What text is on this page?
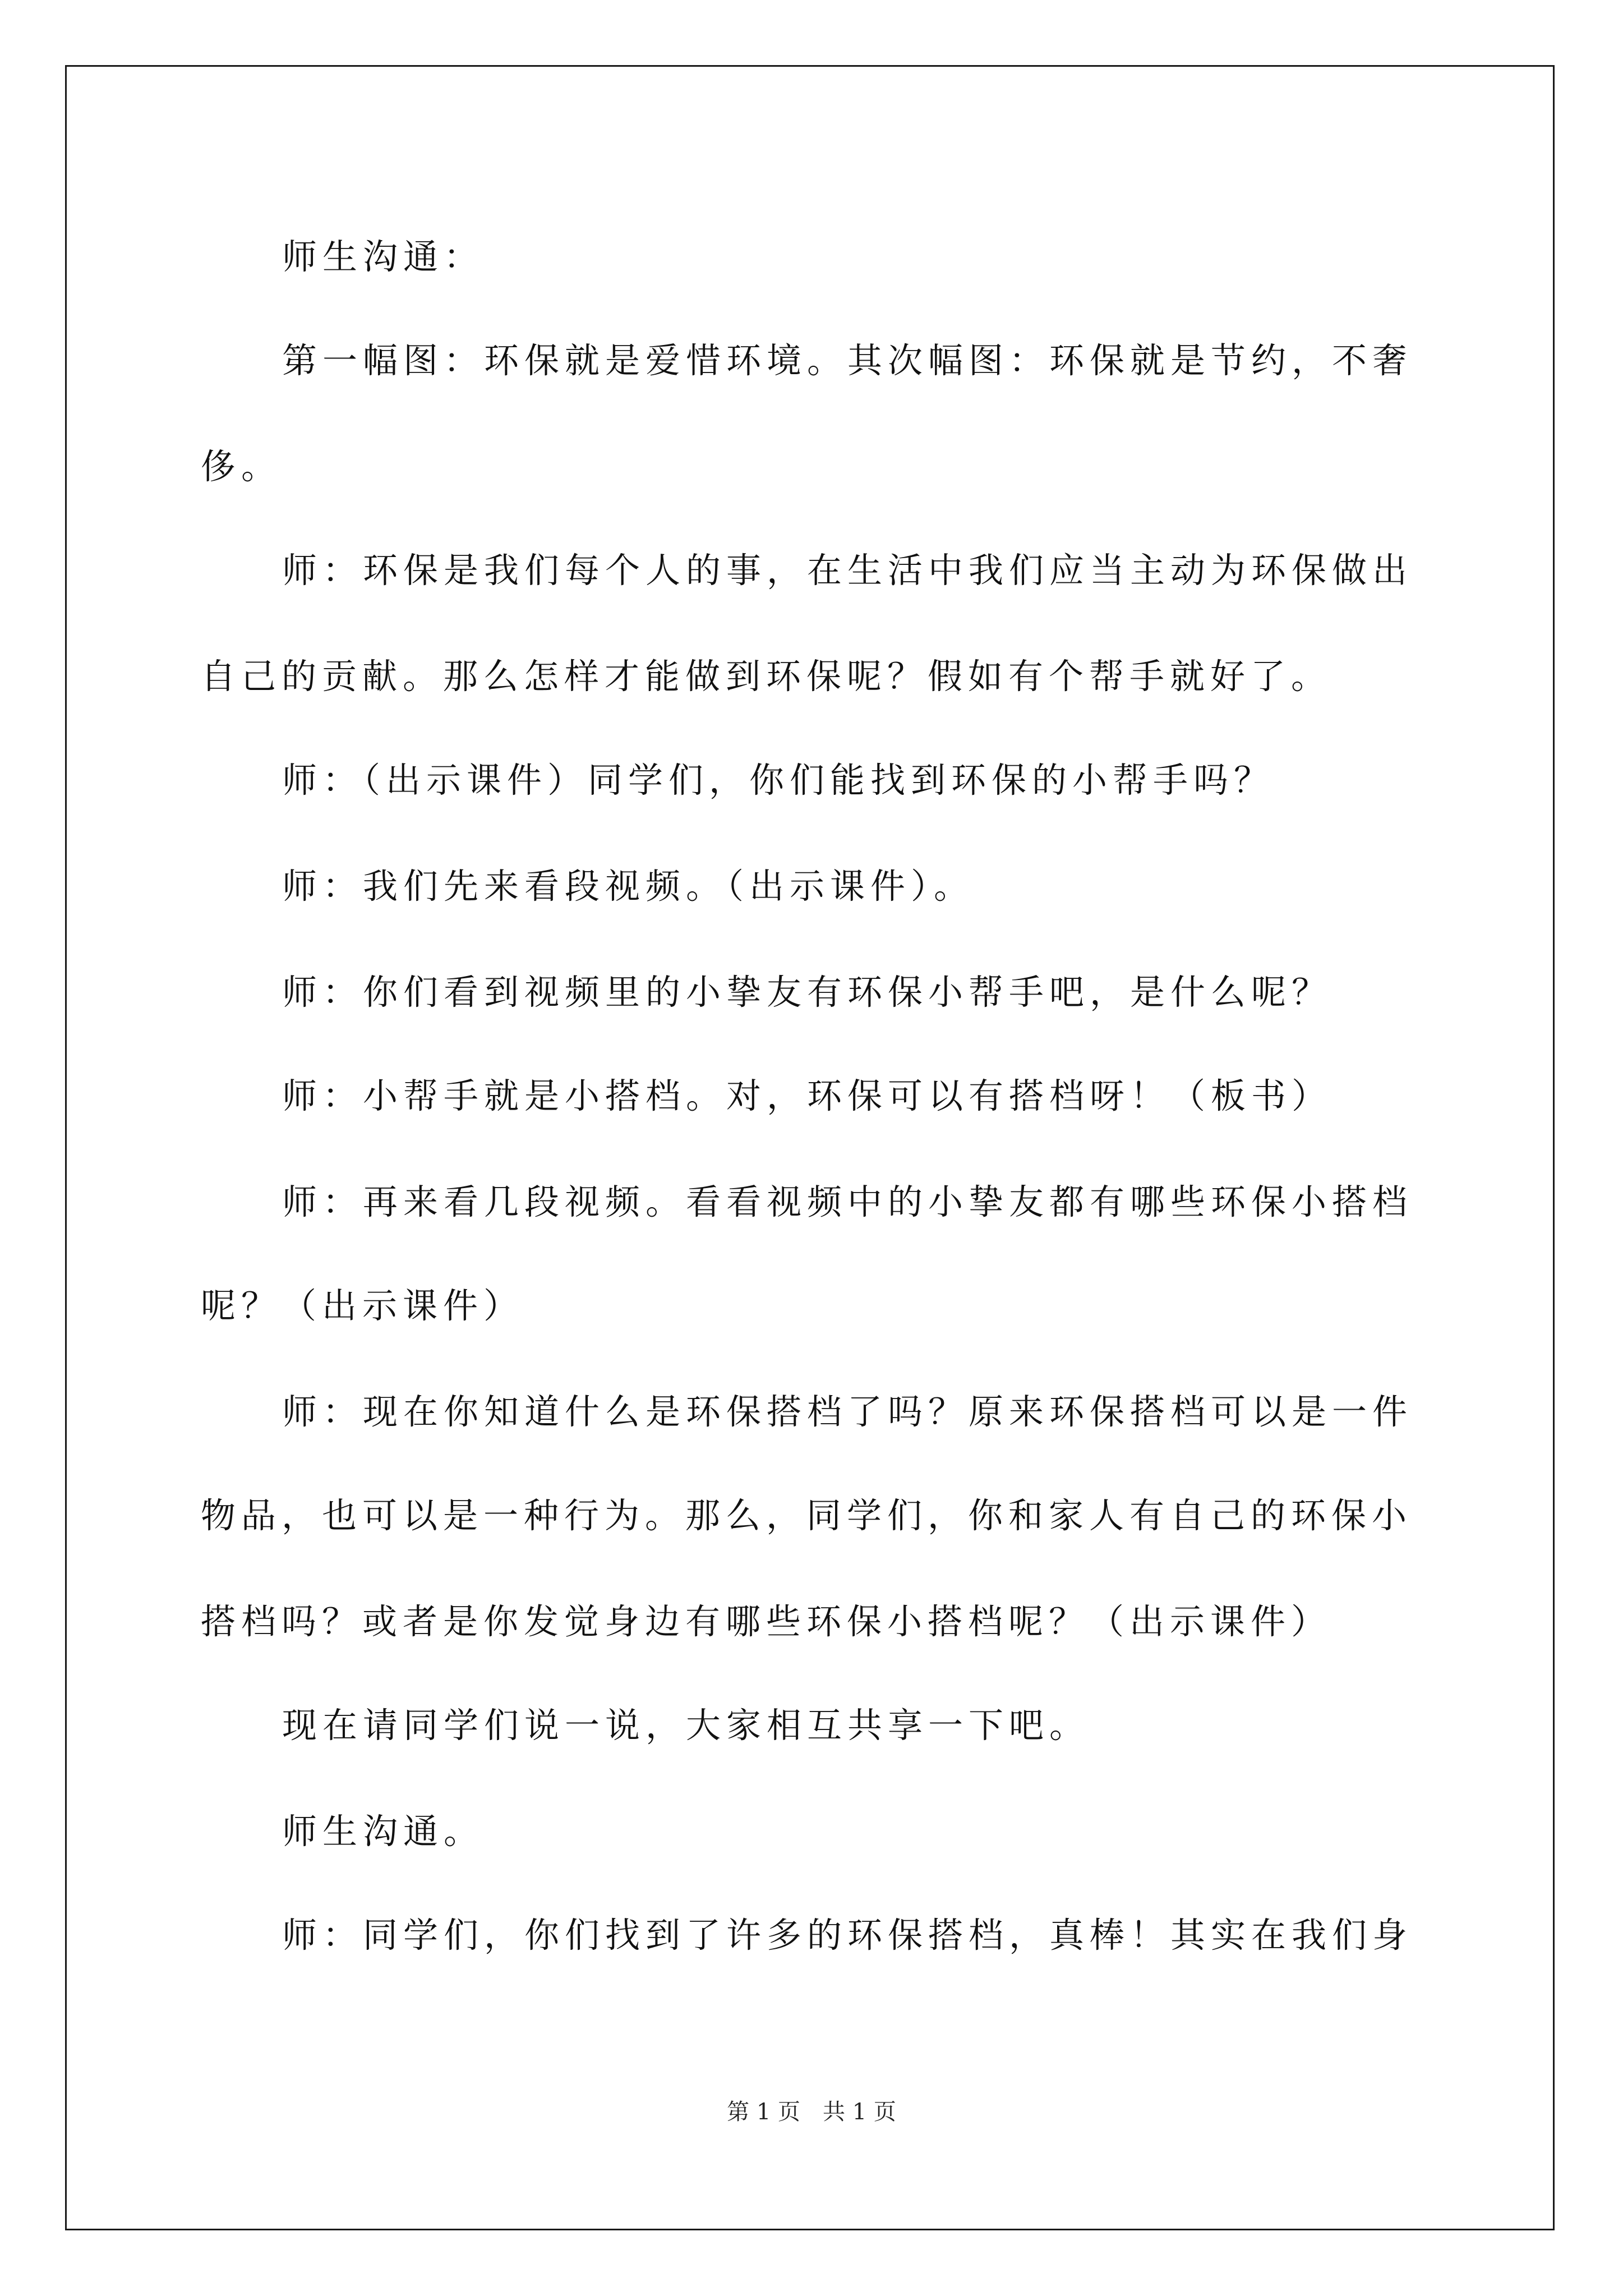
师生沟通：
第一幅图：环保就是爱惜环境。其次幅图：环保就是节约，不奢
侈。
师：环保是我们每个人的事，在生活中我们应当主动为环保做出
自己的贡献。那么怎样才能做到环保呢？假如有个帮手就好了。
师：（出示课件）同学们，你们能找到环保的小帮手吗？
师：我们先来看段视频。（出示课件）。
师：你们看到视频里的小挚友有环保小帮手吧，是什么呢？
师：小帮手就是小搭档。对，环保可以有搭档呀！（板书）
师：再来看几段视频。看看视频中的小挚友都有哪些环保小搭档
呢？（出示课件）
师：现在你知道什么是环保搭档了吗？原来环保搭档可以是一件
物品，也可以是一种行为。那么，同学们，你和家人有自己的环保小
搭档吗？或者是你发觉身边有哪些环保小搭档呢？（出示课件）
现在请同学们说一说，大家相互共享一下吧。
师生沟通。
师：同学们，你们找到了许多的环保搭档，真棒！其实在我们身
第 1 页 共 1 页
